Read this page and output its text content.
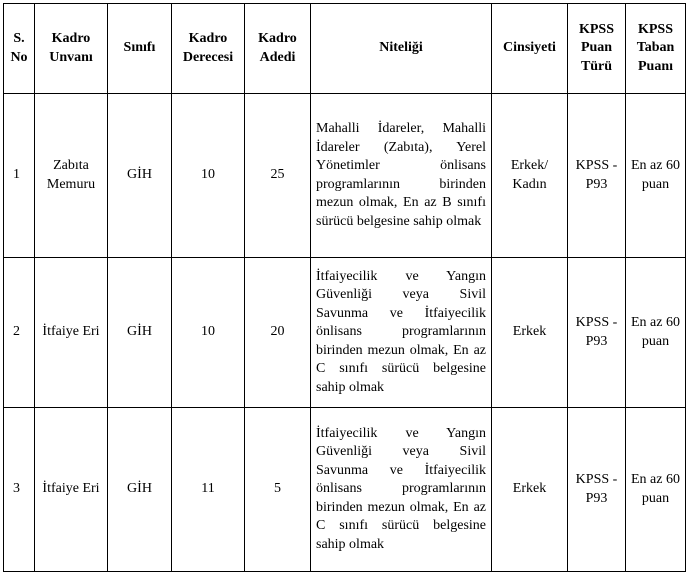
S. No	Kadro Unvanı	Sınıfı	Kadro Derecesi	Kadro Adedi	Niteliği	Cinsiyeti	KPSS Puan Türü	KPSS Taban Puanı
1	Zabıta Memuru	GİH	10	25	Mahalli İdareler, Mahalli İdareler (Zabıta), Yerel Yönetimler önlisans programlarının birinden mezun olmak, En az B sınıfı sürücü belgesine sahip olmak	Erkek/ Kadın	KPSS -P93	En az 60 puan
2	İtfaiye Eri	GİH	10	20	İtfaiyecilik ve Yangın Güvenliği veya Sivil Savunma ve İtfaiyecilik önlisans programlarının birinden mezun olmak, En az C sınıfı sürücü belgesine sahip olmak	Erkek	KPSS -P93	En az 60 puan
3	İtfaiye Eri	GİH	11	5	İtfaiyecilik ve Yangın Güvenliği veya Sivil Savunma ve İtfaiyecilik önlisans programlarının birinden mezun olmak, En az C sınıfı sürücü belgesine sahip olmak	Erkek	KPSS -P93	En az 60 puan
